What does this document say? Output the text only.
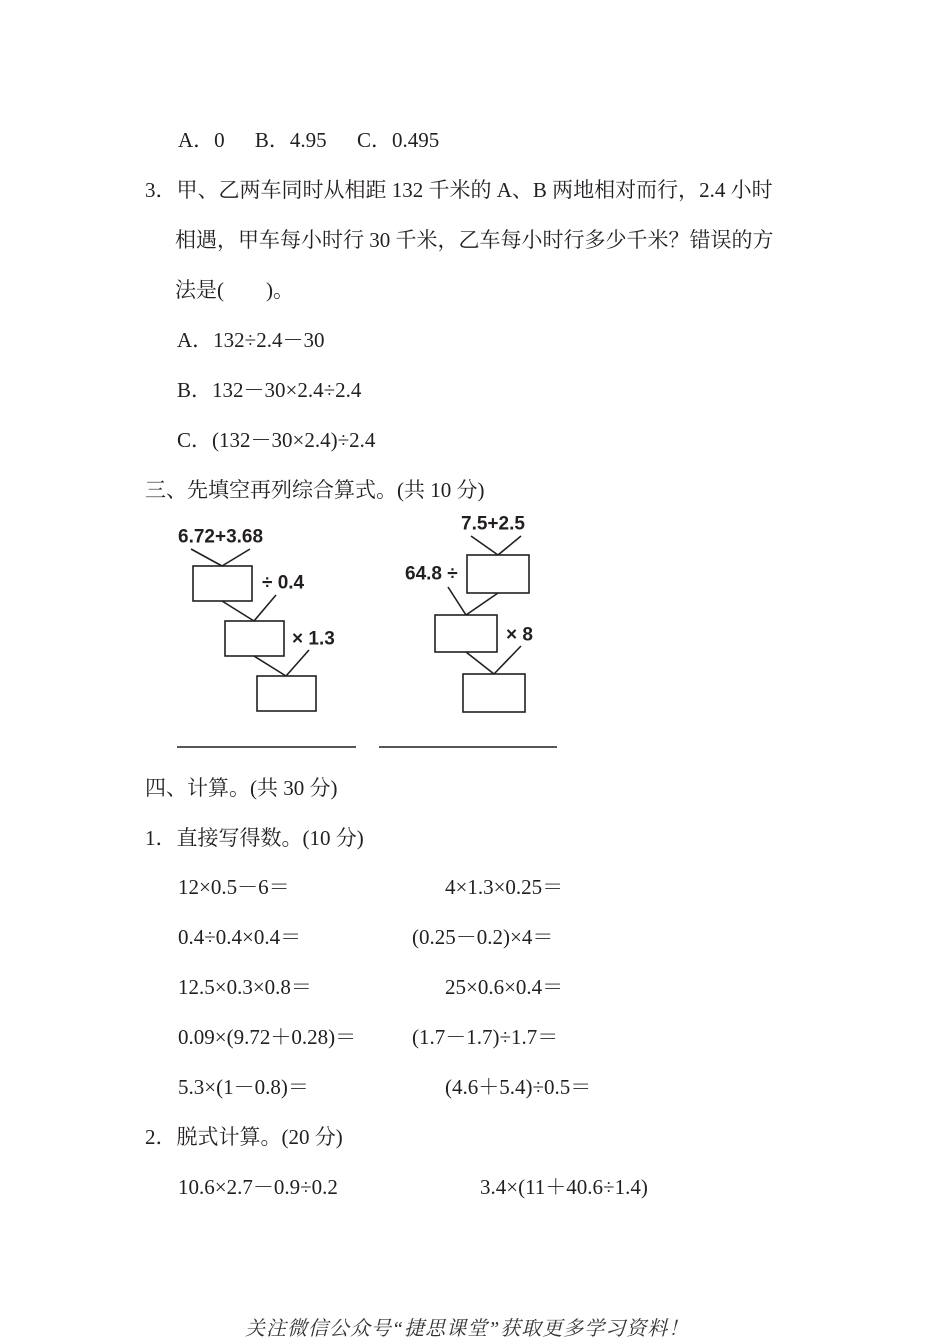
A．0 B．4.95 C．0.495
3．甲、乙两车同时从相距 132 千米的 A、B 两地相对而行，2.4 小时
相遇，甲车每小时行 30 千米，乙车每小时行多少千米？错误的方
法是(　　)。
A．132÷2.4－30
B．132－30×2.4÷2.4
C．(132－30×2.4)÷2.4
三、先填空再列综合算式。(共 10 分)
6.72+3.68
÷ 0.4
× 1.3
7.5+2.5
64.8 ÷
× 8
四、计算。(共 30 分)
1．直接写得数。(10 分)
12×0.5－6＝	4×1.3×0.25＝
0.4÷0.4×0.4＝	(0.25－0.2)×4＝
12.5×0.3×0.8＝	25×0.6×0.4＝
0.09×(9.72＋0.28)＝	(1.7－1.7)÷1.7＝
5.3×(1－0.8)＝	(4.6＋5.4)÷0.5＝
2．脱式计算。(20 分)
10.6×2.7－0.9÷0.2	3.4×(11＋40.6÷1.4)
关注微信公众号“捷思课堂”获取更多学习资料！
